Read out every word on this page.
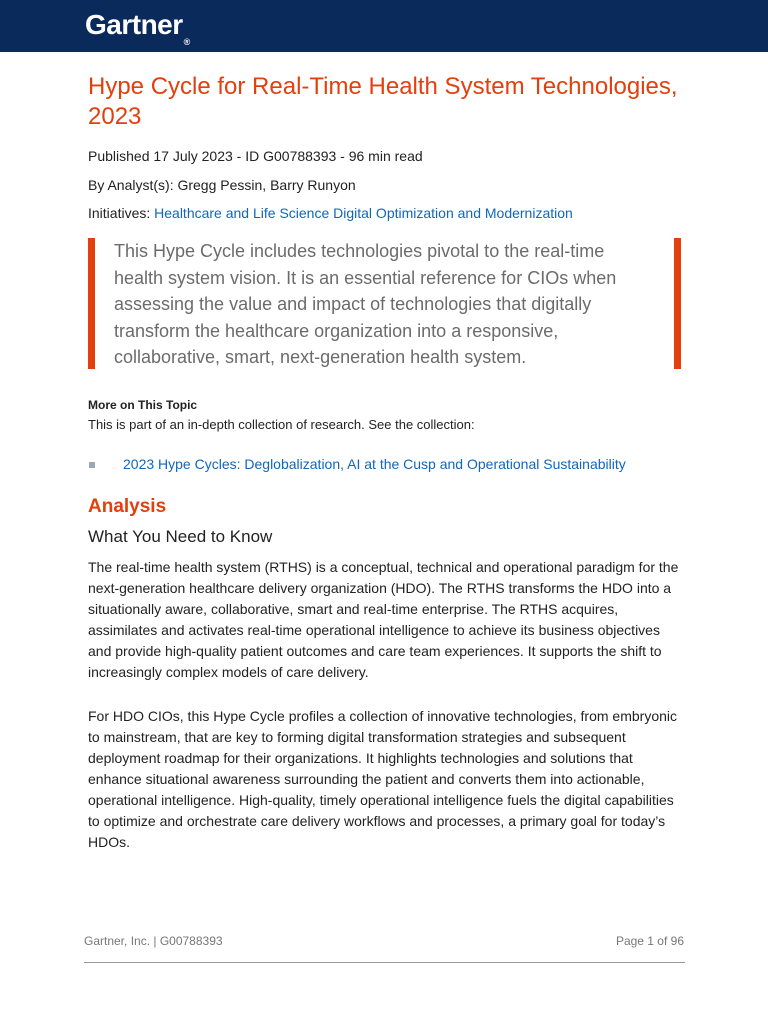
Gartner®
Hype Cycle for Real-Time Health System Technologies, 2023

Published 17 July 2023 - ID G00788393 - 96 min read

By Analyst(s): Gregg Pessin, Barry Runyon

Initiatives: Healthcare and Life Science Digital Optimization and Modernization

This Hype Cycle includes technologies pivotal to the real-time health system vision. It is an essential reference for CIOs when assessing the value and impact of technologies that digitally transform the healthcare organization into a responsive, collaborative, smart, next-generation health system.

More on This Topic

This is part of an in-depth collection of research. See the collection:

2023 Hype Cycles: Deglobalization, AI at the Cusp and Operational Sustainability
Analysis
What You Need to Know

The real-time health system (RTHS) is a conceptual, technical and operational paradigm for the next-generation healthcare delivery organization (HDO). The RTHS transforms the HDO into a situationally aware, collaborative, smart and real-time enterprise. The RTHS acquires, assimilates and activates real-time operational intelligence to achieve its business objectives and provide high-quality patient outcomes and care team experiences. It supports the shift to increasingly complex models of care delivery.

For HDO CIOs, this Hype Cycle profiles a collection of innovative technologies, from embryonic to mainstream, that are key to forming digital transformation strategies and subsequent deployment roadmap for their organizations. It highlights technologies and solutions that enhance situational awareness surrounding the patient and converts them into actionable, operational intelligence. High-quality, timely operational intelligence fuels the digital capabilities to optimize and orchestrate care delivery workflows and processes, a primary goal for today’s HDOs.

Gartner, Inc. | G00788393	Page 1 of 96
